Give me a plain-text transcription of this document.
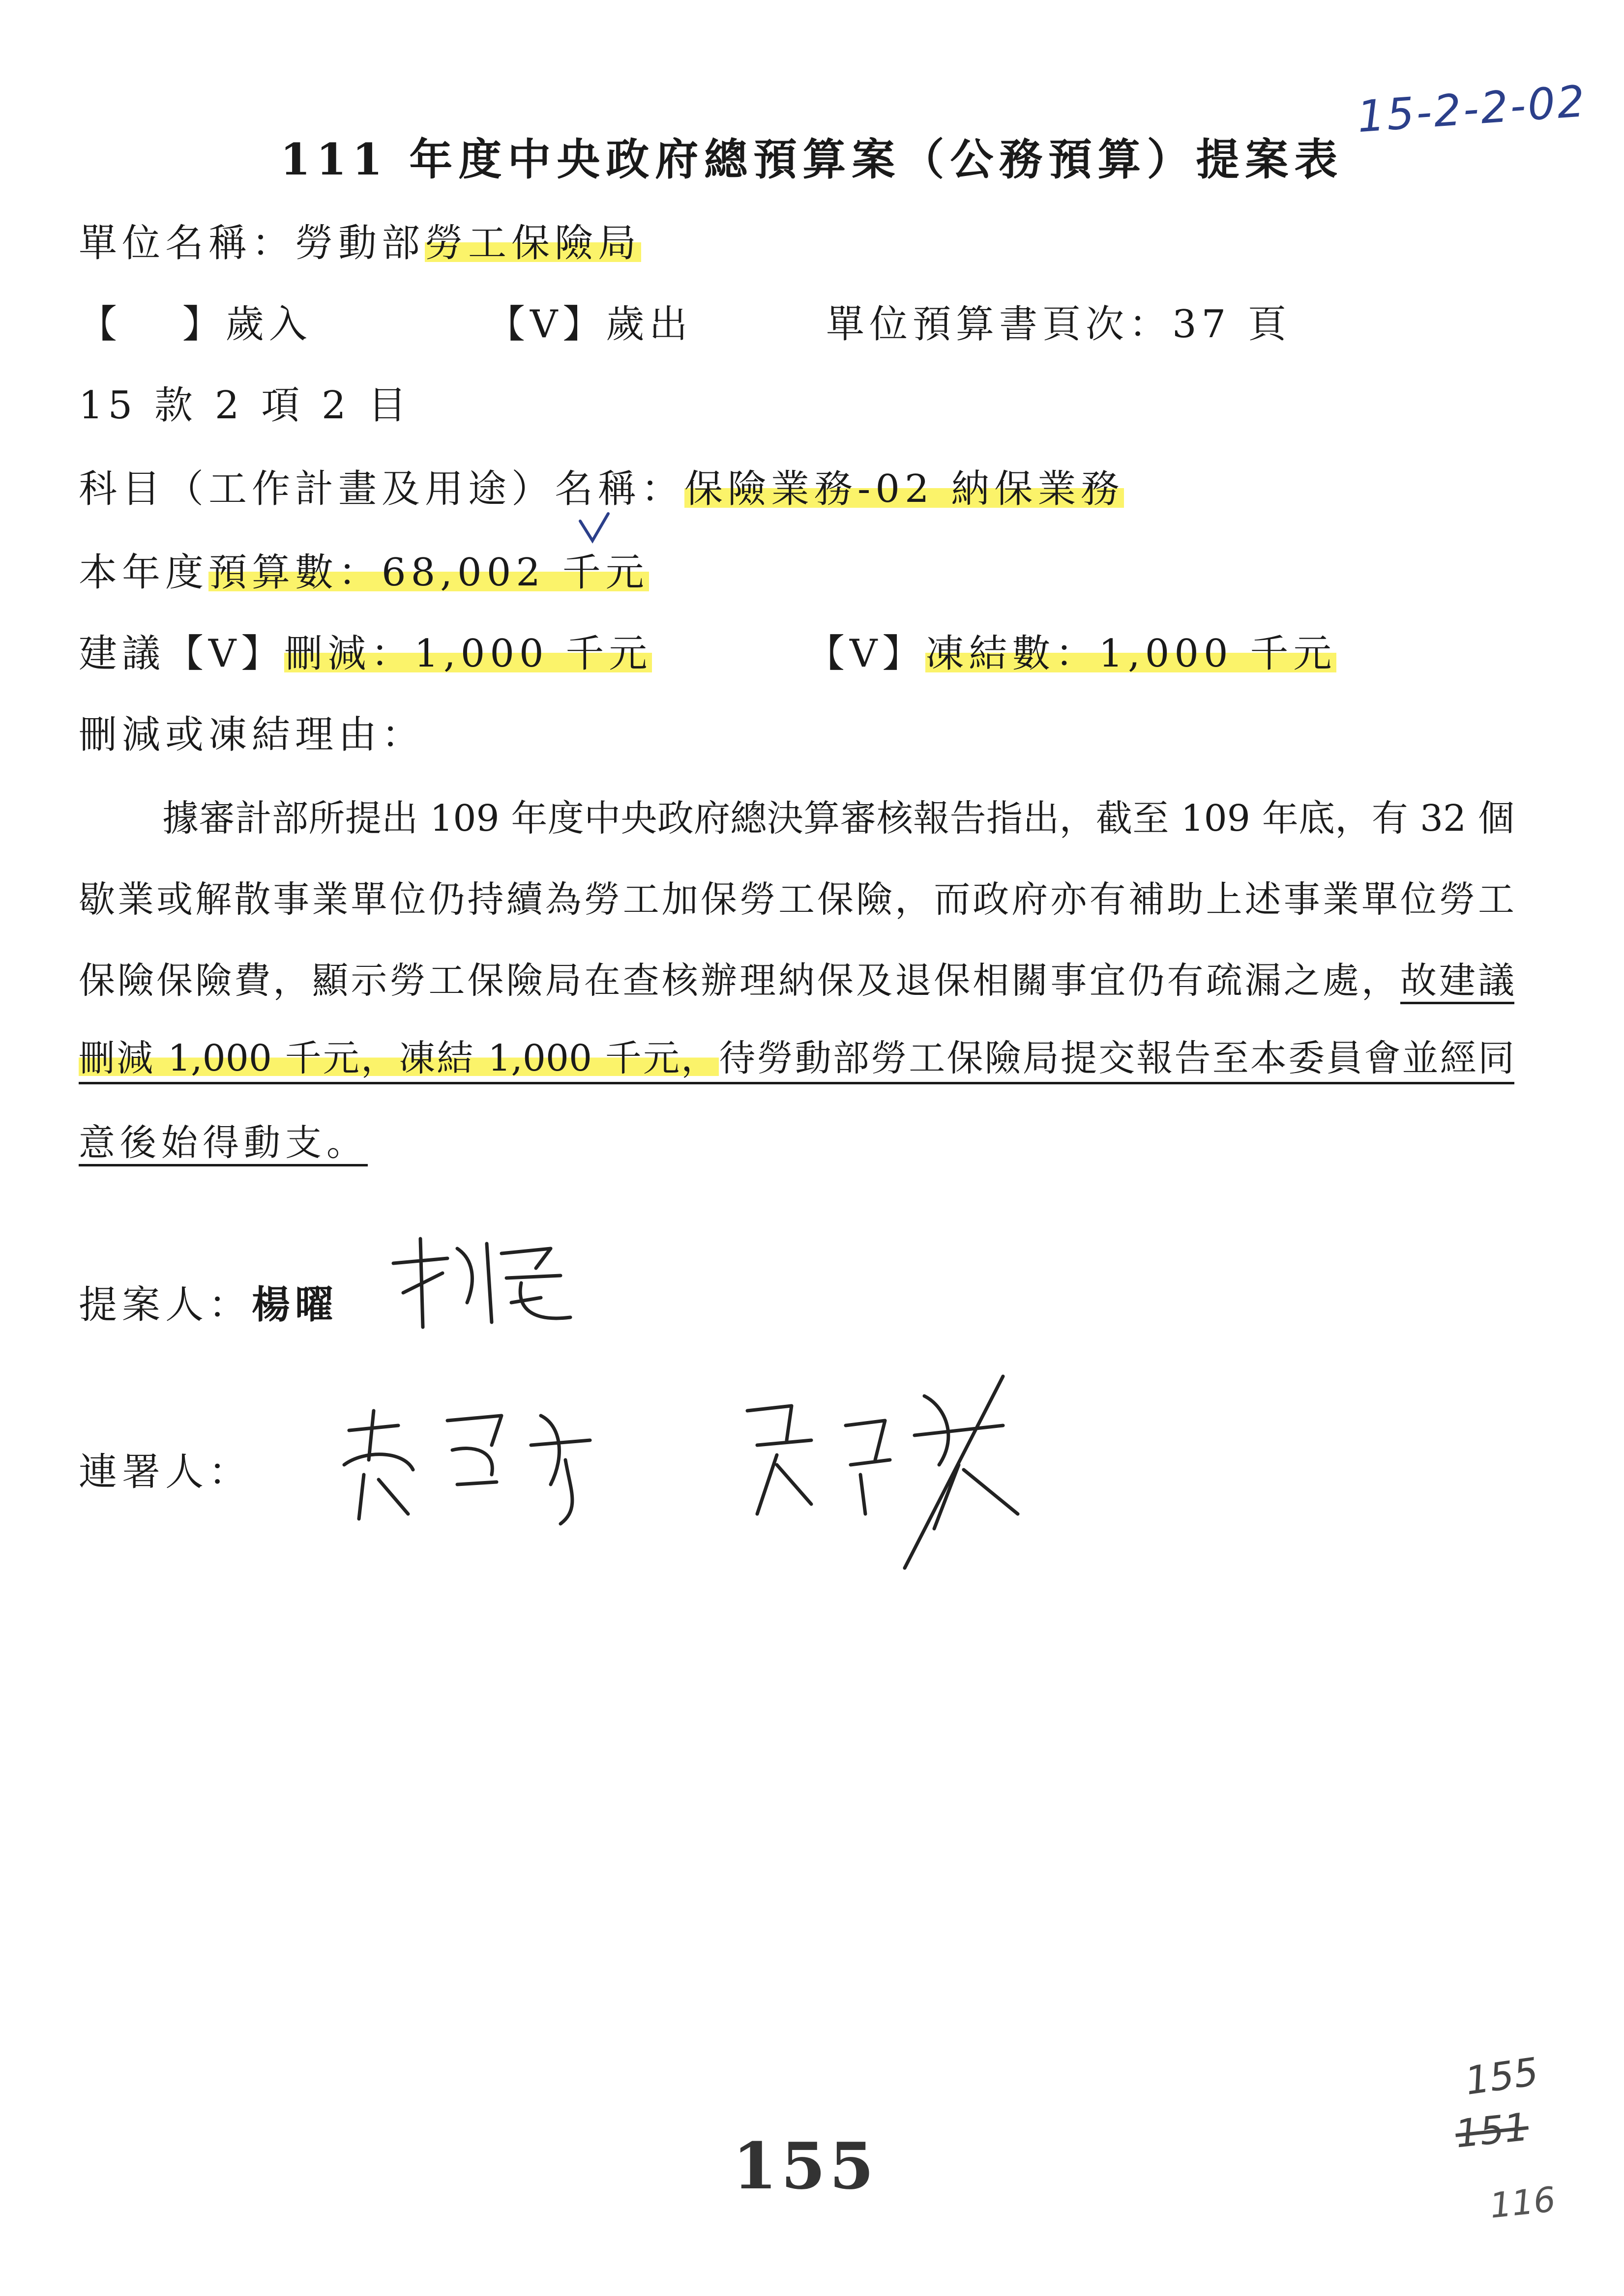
15-2-2-02
111 年度中央政府總預算案（公務預算）提案表
單位名稱：勞動部勞工保險局
【　 】歲入	【V】歲出	單位預算書頁次：37 頁
15 款 2 項 2 目
科目（工作計畫及用途）名稱：保險業務-02 納保業務
本年度預算數：68,002 千元
建議【V】刪減：1,000 千元	【V】凍結數：1,000 千元
刪減或凍結理由：
據審計部所提出 109 年度中央政府總決算審核報告指出，截至 109 年底，有 32 個
歇業或解散事業單位仍持續為勞工加保勞工保險，而政府亦有補助上述事業單位勞工
保險保險費，顯示勞工保險局在查核辦理納保及退保相關事宜仍有疏漏之處，故建議
刪減 1,000 千元，凍結 1,000 千元，待勞動部勞工保險局提交報告至本委員會並經同
意後始得動支。
提案人：楊曜
連署人：
155
151
116
155
